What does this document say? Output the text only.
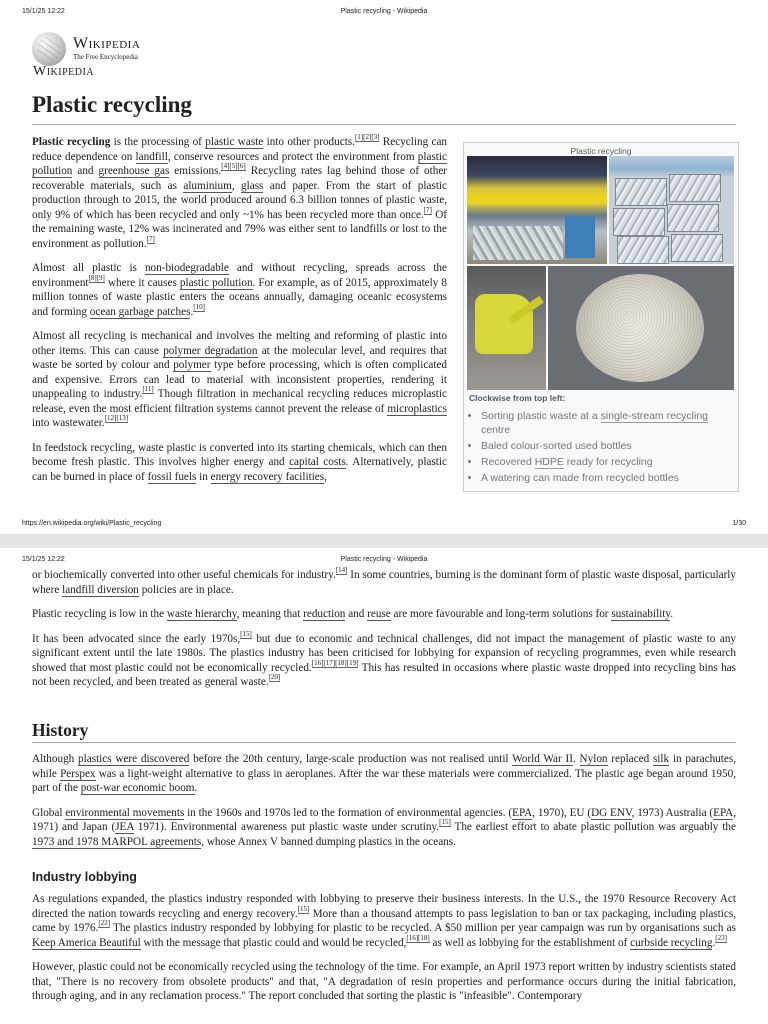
15/1/25 12:22	Plastic recycling - Wikipedia
Wikipedia
The Free Encyclopedia
Wikipedia
Plastic recycling

Plastic recycling is the processing of plastic waste into other products.[1][2][3] Recycling can reduce dependence on landfill, conserve resources and protect the environment from plastic pollution and greenhouse gas emissions.[4][5][6] Recycling rates lag behind those of other recoverable materials, such as aluminium, glass and paper. From the start of plastic production through to 2015, the world produced around 6.3 billion tonnes of plastic waste, only 9% of which has been recycled and only ~1% has been recycled more than once.[7] Of the remaining waste, 12% was incinerated and 79% was either sent to landfills or lost to the environment as pollution.[7]

Almost all plastic is non-biodegradable and without recycling, spreads across the environment[8][9] where it causes plastic pollution. For example, as of 2015, approximately 8 million tonnes of waste plastic enters the oceans annually, damaging oceanic ecosystems and forming ocean garbage patches.[10]

Almost all recycling is mechanical and involves the melting and reforming of plastic into other items. This can cause polymer degradation at the molecular level, and requires that waste be sorted by colour and polymer type before processing, which is often complicated and expensive. Errors can lead to material with inconsistent properties, rendering it unappealing to industry.[11] Though filtration in mechanical recycling reduces microplastic release, even the most efficient filtration systems cannot prevent the release of microplastics into wastewater.[12][13]

In feedstock recycling, waste plastic is converted into its starting chemicals, which can then become fresh plastic. This involves higher energy and capital costs. Alternatively, plastic can be burned in place of fossil fuels in energy recovery facilities,

Plastic recycling
Clockwise from top left:
• Sorting plastic waste at a single-stream recycling centre
• Baled colour-sorted used bottles
• Recovered HDPE ready for recycling
• A watering can made from recycled bottles
https://en.wikipedia.org/wiki/Plastic_recycling	1/30
15/1/25 12:22	Plastic recycling - Wikipedia

or biochemically converted into other useful chemicals for industry.[14] In some countries, burning is the dominant form of plastic waste disposal, particularly where landfill diversion policies are in place.

Plastic recycling is low in the waste hierarchy, meaning that reduction and reuse are more favourable and long-term solutions for sustainability.

It has been advocated since the early 1970s,[15] but due to economic and technical challenges, did not impact the management of plastic waste to any significant extent until the late 1980s. The plastics industry has been criticised for lobbying for expansion of recycling programmes, even while research showed that most plastic could not be economically recycled.[16][17][18][19] This has resulted in occasions where plastic waste dropped into recycling bins has not been recycled, and been treated as general waste.[20]

History

Although plastics were discovered before the 20th century, large-scale production was not realised until World War II. Nylon replaced silk in parachutes, while Perspex was a light-weight alternative to glass in aeroplanes. After the war these materials were commercialized. The plastic age began around 1950, part of the post-war economic boom.

Global environmental movements in the 1960s and 1970s led to the formation of environmental agencies. (EPA, 1970), EU (DG ENV, 1973) Australia (EPA, 1971) and Japan (JEA 1971). Environmental awareness put plastic waste under scrutiny.[15] The earliest effort to abate plastic pollution was arguably the 1973 and 1978 MARPOL agreements, whose Annex V banned dumping plastics in the oceans.

Industry lobbying

As regulations expanded, the plastics industry responded with lobbying to preserve their business interests. In the U.S., the 1970 Resource Recovery Act directed the nation towards recycling and energy recovery.[15] More than a thousand attempts to pass legislation to ban or tax packaging, including plastics, came by 1976.[22] The plastics industry responded by lobbying for plastic to be recycled. A $50 million per year campaign was run by organisations such as Keep America Beautiful with the message that plastic could and would be recycled,[16][18] as well as lobbying for the establishment of curbside recycling.[23]

However, plastic could not be economically recycled using the technology of the time. For example, an April 1973 report written by industry scientists stated that, "There is no recovery from obsolete products" and that, "A degradation of resin properties and performance occurs during the initial fabrication, through aging, and in any reclamation process." The report concluded that sorting the plastic is "infeasible". Contemporary
